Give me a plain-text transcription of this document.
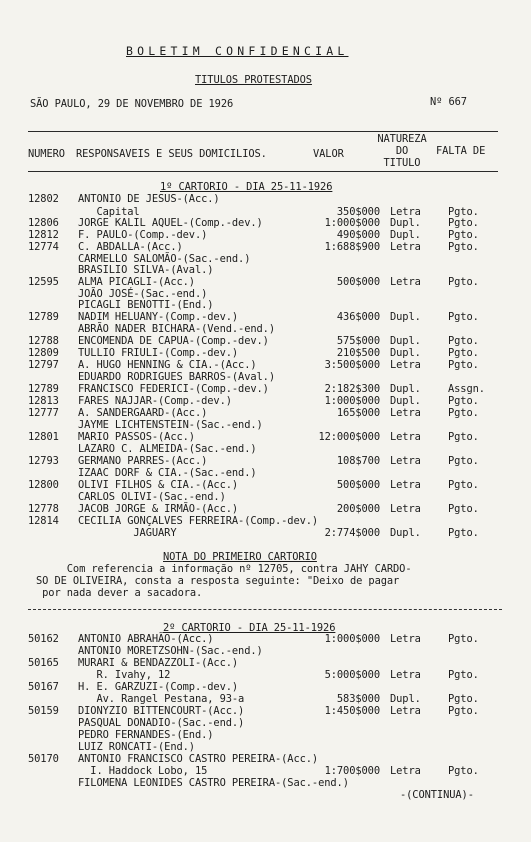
BOLETIM CONFIDENCIAL
TITULOS PROTESTADOS
SÃO PAULO, 29 DE NOVEMBRO DE 1926	Nº 667
NUMERO RESPONSAVEIS E SEUS DOMICILIOS.	VALOR
NATUREZA
DO
TITULO
FALTA DE
1º CARTORIO - DIA 25-11-1926
12802 ANTONIO DE JESUS-(Acc.)
Capital	350$000 Letra	Pgto.
12806 JORGE KALIL AQUEL-(Comp.-dev.)	1:000$000 Dupl.	Pgto.
12812 F. PAULO-(Comp.-dev.)	490$000 Dupl.	Pgto.
12774 C. ABDALLA-(Acc.)	1:688$900 Letra	Pgto.
CARMELLO SALOMÃO-(Sac.-end.)
BRASILIO SILVA-(Aval.)
12595 ALMA PICAGLI-(Acc.)	500$000 Letra	Pgto.
JOÃO JOSÉ-(Sac.-end.)
PICAGLI BENOTTI-(End.)
12789 NADIM HELUANY-(Comp.-dev.)	436$000 Dupl.	Pgto.
ABRÃO NADER BICHARA-(Vend.-end.)
12788 ENCOMENDA DE CAPUA-(Comp.-dev.)	575$000 Dupl.	Pgto.
12809 TULLIO FRIULI-(Comp.-dev.)	210$500 Dupl.	Pgto.
12797 A. HUGO HENNING & CIA.-(Acc.)	3:500$000 Letra	Pgto.
EDUARDO RODRIGUES BARROS-(Aval.)
12789 FRANCISCO FEDERICI-(Comp.-dev.)	2:182$300 Dupl.	Assgn.
12813 FARES NAJJAR-(Comp.-dev.)	1:000$000 Dupl.	Pgto.
12777 A. SANDERGAARD-(Acc.)	165$000 Letra	Pgto.
JAYME LICHTENSTEIN-(Sac.-end.)
12801 MARIO PASSOS-(Acc.)	12:000$000 Letra	Pgto.
LAZARO C. ALMEIDA-(Sac.-end.)
12793 GERMANO PARRES-(Acc.)	108$700 Letra	Pgto.
IZAAC DORF & CIA.-(Sac.-end.)
12800 OLIVI FILHOS & CIA.-(Acc.)	500$000 Letra	Pgto.
CARLOS OLIVI-(Sac.-end.)
12778 JACOB JORGE & IRMÃO-(Acc.)	200$000 Letra	Pgto.
12814 CECILIA GONÇALVES FERREIRA-(Comp.-dev.)
JAGUARY	2:774$000 Dupl.	Pgto.
NOTA DO PRIMEIRO CARTORIO
Com referencia a informação nº 12705, contra JAHY CARDO-
SO DE OLIVEIRA, consta a resposta seguinte: "Deixo de pagar
por nada dever a sacadora.
2º CARTORIO - DIA 25-11-1926
50162 ANTONIO ABRAHÃO-(Acc.)	1:000$000 Letra	Pgto.
ANTONIO MORETZSOHN-(Sac.-end.)
50165 MURARI & BENDAZZOLI-(Acc.)
R. Ivahy, 12	5:000$000 Letra	Pgto.
50167 H. E. GARZUZI-(Comp.-dev.)
Av. Rangel Pestana, 93-a	583$000 Dupl.	Pgto.
50159 DIONYZIO BITTENCOURT-(Acc.)	1:450$000 Letra	Pgto.
PASQUAL DONADIO-(Sac.-end.)
PEDRO FERNANDES-(End.)
LUIZ RONCATI-(End.)
50170 ANTONIO FRANCISCO CASTRO PEREIRA-(Acc.)
I. Haddock Lobo, 15	1:700$000 Letra	Pgto.
FILOMENA LEONIDES CASTRO PEREIRA-(Sac.-end.)
-(CONTINUA)-
